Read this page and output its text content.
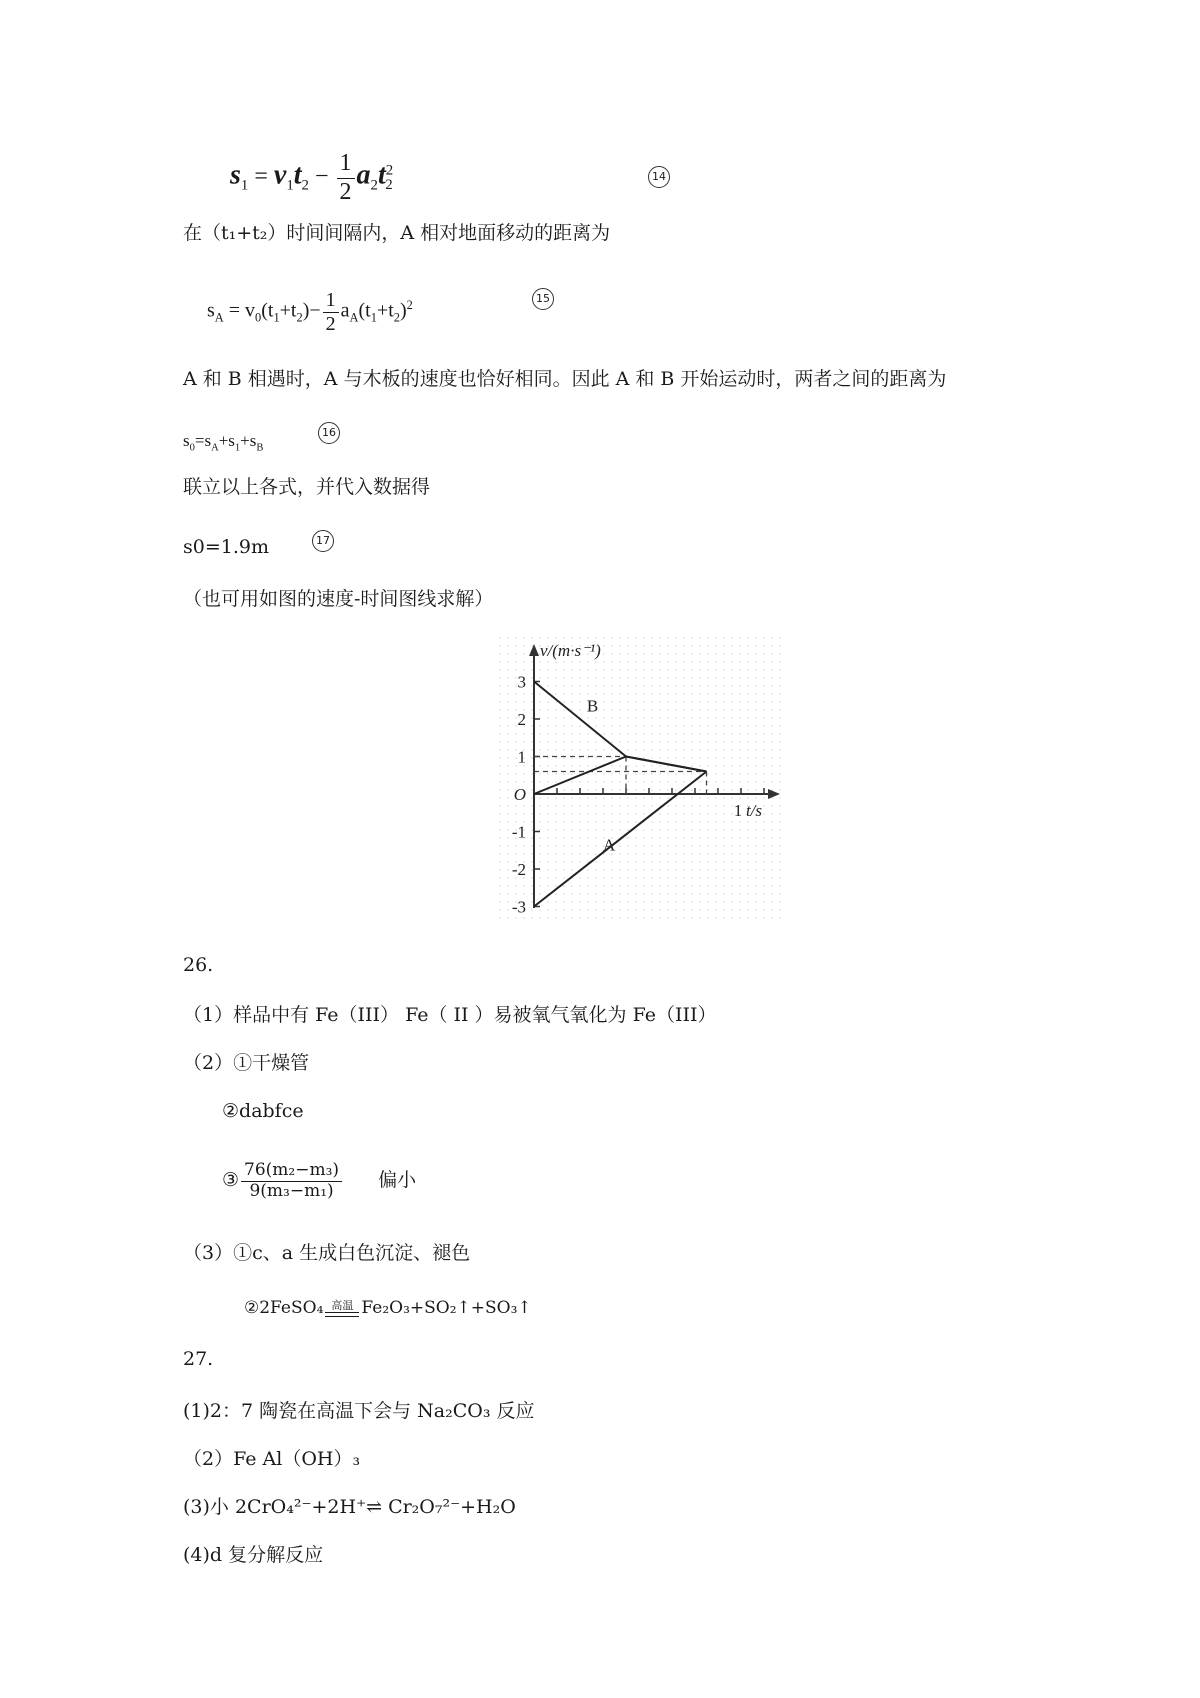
$s_1 = v_1t_2 - \frac{1}{2} a_2t^2_2$
14
在（t₁+t₂）时间间隔内，A 相对地面移动的距离为
$s_A = v_0(t_1+t_2)- \frac{1}{2} a_A(t_1+t_2)^2$	15
A 和 B 相遇时，A 与木板的速度也恰好相同。因此 A 和 B 开始运动时，两者之间的距离为
$s_0=s_A+s_1+s_B$
16
联立以上各式，并代入数据得
s0=1.9m	17
（也可用如图的速度-时间图线求解）
3
2
1
O
-1
-2
-3
v/(m·s⁻¹)
t/s
1
B
A
26.
（1）样品中有 Fe（III） Fe（ II ）易被氧气氧化为 Fe（III）
（2）①干燥管
②dabfce
③ $\frac{\text{76(m₂−m₃)}}{\text{9(m₃−m₁)}}$ 偏小
（3）①c、a 生成白色沉淀、褪色
②2FeSO₄ 高温 Fe₂O₃+SO₂↑+SO₃↑
27.
(1)2：7 陶瓷在高温下会与 Na₂CO₃ 反应
（2）Fe Al（OH）₃
(3)小 2CrO₄²⁻+2H⁺⇌ Cr₂O₇²⁻+H₂O
(4)d 复分解反应
